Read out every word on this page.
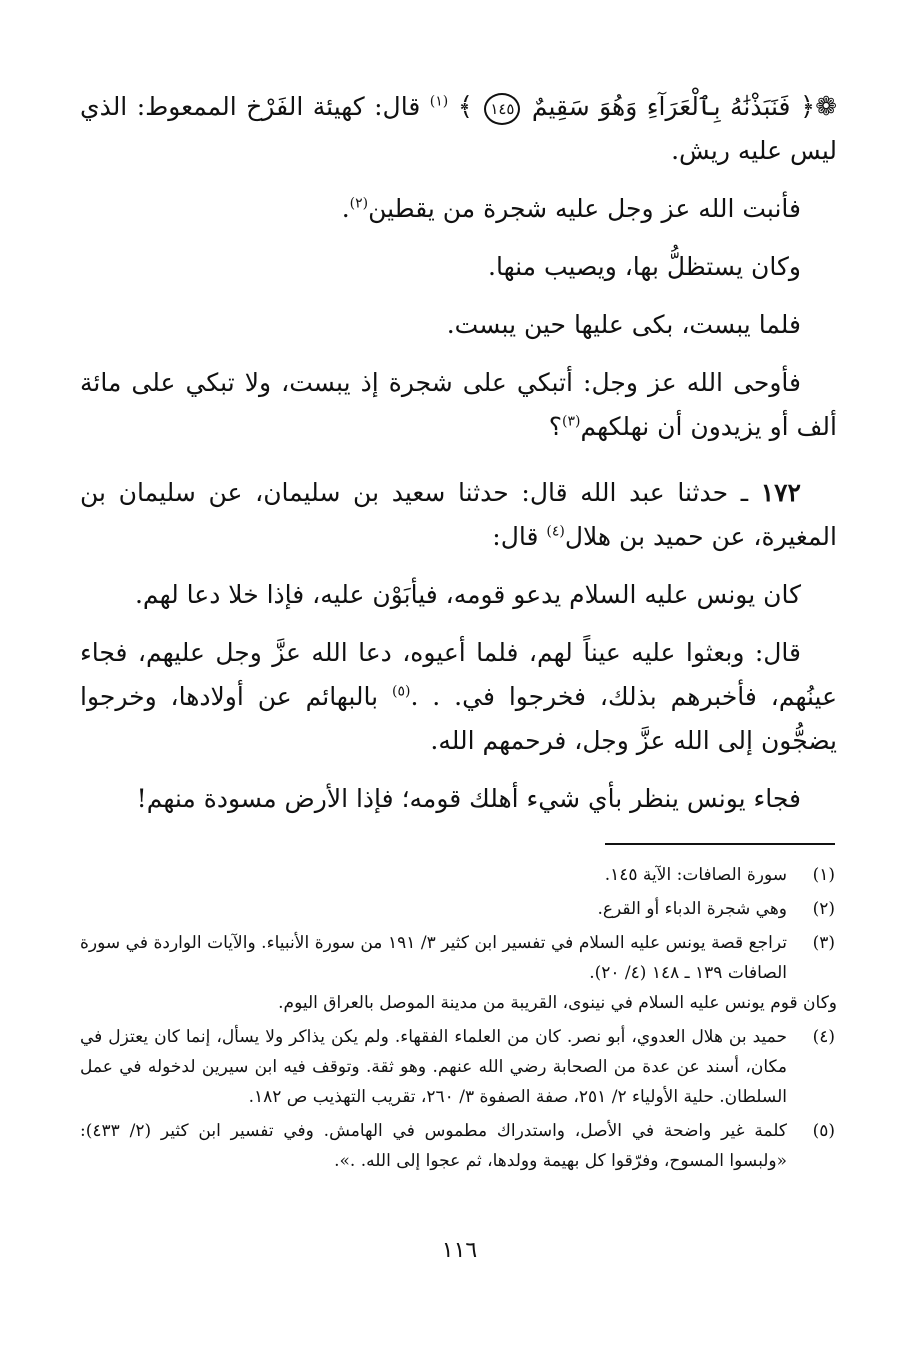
❁﴿ فَنَبَذْنَٰهُ بِٱلْعَرَآءِ وَهُوَ سَقِيمٌ ١٤٥ ﴾ $^{(١)}$ قال: كهيئة الفَرْخ الممعوط: الذي ليس عليه ريش.

فأنبت الله عز وجل عليه شجرة من يقطين$^{(٢)}$.

وكان يستظلُّ بها، ويصيب منها.

فلما يبست، بكى عليها حين يبست.

فأوحى الله عز وجل: أتبكي على شجرة إذ يبست، ولا تبكي على مائة ألف أو يزيدون أن نهلكهم$^{(٣)}$؟

١٧٢ ـ حدثنا عبد الله قال: حدثنا سعيد بن سليمان، عن سليمان بن المغيرة، عن حميد بن هلال$^{(٤)}$ قال:

كان يونس عليه السلام يدعو قومه، فيأبَوْن عليه، فإذا خلا دعا لهم.

قال: وبعثوا عليه عيناً لهم، فلما أعيوه، دعا الله عزَّ وجل عليهم، فجاء عينُهم، فأخبرهم بذلك، فخرجوا في. . .$^{(٥)}$ بالبهائم عن أولادها، وخرجوا يضجُّون إلى الله عزَّ وجل، فرحمهم الله.

فجاء يونس ينظر بأي شيء أهلك قومه؛ فإذا الأرض مسودة منهم!

(١)
سورة الصافات: الآية ١٤٥.
(٢)
وهي شجرة الدباء أو القرع.
(٣)
تراجع قصة يونس عليه السلام في تفسير ابن كثير ٣/ ١٩١ من سورة الأنبياء. والآيات الواردة في سورة الصافات ١٣٩ ـ ١٤٨ (٤/ ٢٠).
وكان قوم يونس عليه السلام في نينوى، القريبة من مدينة الموصل بالعراق اليوم.
(٤)
حميد بن هلال العدوي، أبو نصر. كان من العلماء الفقهاء. ولم يكن يذاكر ولا يسأل، إنما كان يعتزل في مكان، أسند عن عدة من الصحابة رضي الله عنهم. وهو ثقة. وتوقف فيه ابن سيرين لدخوله في عمل السلطان. حلية الأولياء ٢/ ٢٥١، صفة الصفوة ٣/ ٢٦٠، تقريب التهذيب ص ١٨٢.
(٥)
كلمة غير واضحة في الأصل، واستدراك مطموس في الهامش. وفي تفسير ابن كثير (٢/ ٤٣٣): «ولبسوا المسوح، وفرّقوا كل بهيمة وولدها، ثم عجوا إلى الله. .».
١١٦
